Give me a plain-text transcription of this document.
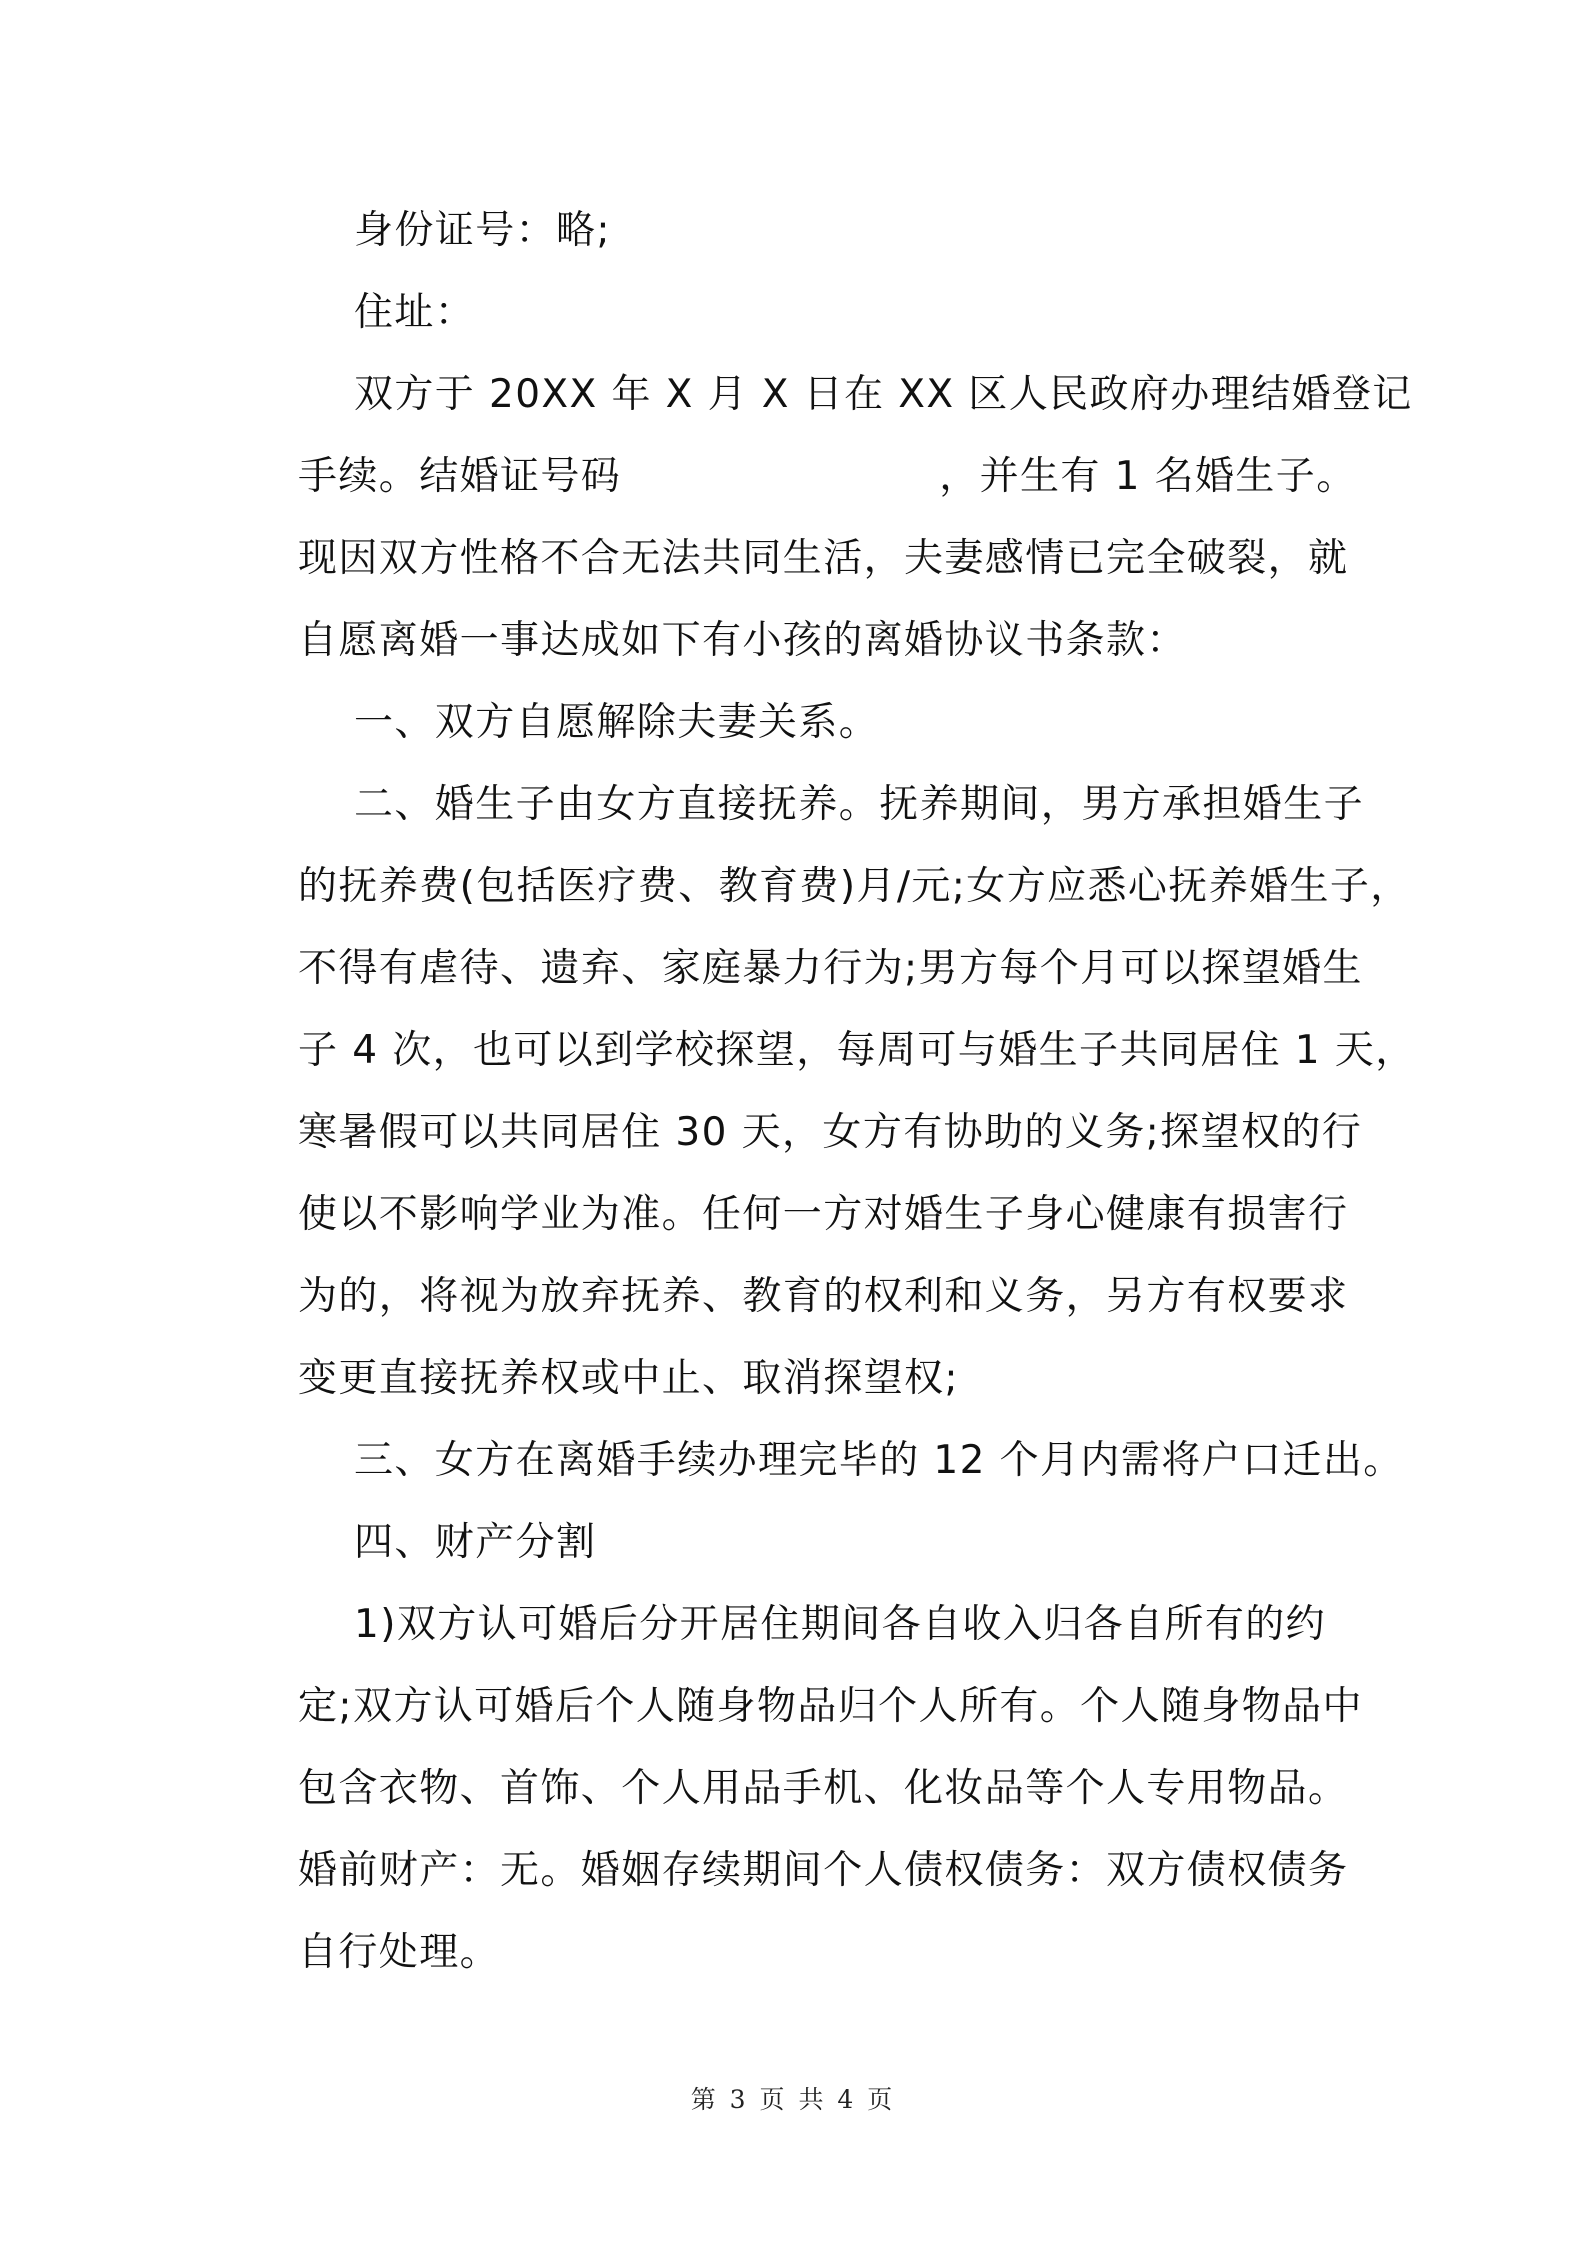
身份证号：略;
住址：
双方于 20XX 年 X 月 X 日在 XX 区人民政府办理结婚登记
手续。结婚证号码	，并生有 1 名婚生子。
现因双方性格不合无法共同生活，夫妻感情已完全破裂，就
自愿离婚一事达成如下有小孩的离婚协议书条款：
一、双方自愿解除夫妻关系。
二、婚生子由女方直接抚养。抚养期间，男方承担婚生子
的抚养费(包括医疗费、教育费)月/元;女方应悉心抚养婚生子，
不得有虐待、遗弃、家庭暴力行为;男方每个月可以探望婚生
子 4 次，也可以到学校探望，每周可与婚生子共同居住 1 天，
寒暑假可以共同居住 30 天，女方有协助的义务;探望权的行
使以不影响学业为准。任何一方对婚生子身心健康有损害行
为的，将视为放弃抚养、教育的权利和义务，另方有权要求
变更直接抚养权或中止、取消探望权;
三、女方在离婚手续办理完毕的 12 个月内需将户口迁出。
四、财产分割
1)双方认可婚后分开居住期间各自收入归各自所有的约
定;双方认可婚后个人随身物品归个人所有。个人随身物品中
包含衣物、首饰、个人用品手机、化妆品等个人专用物品。
婚前财产：无。婚姻存续期间个人债权债务：双方债权债务
自行处理。
第 3 页 共 4 页
